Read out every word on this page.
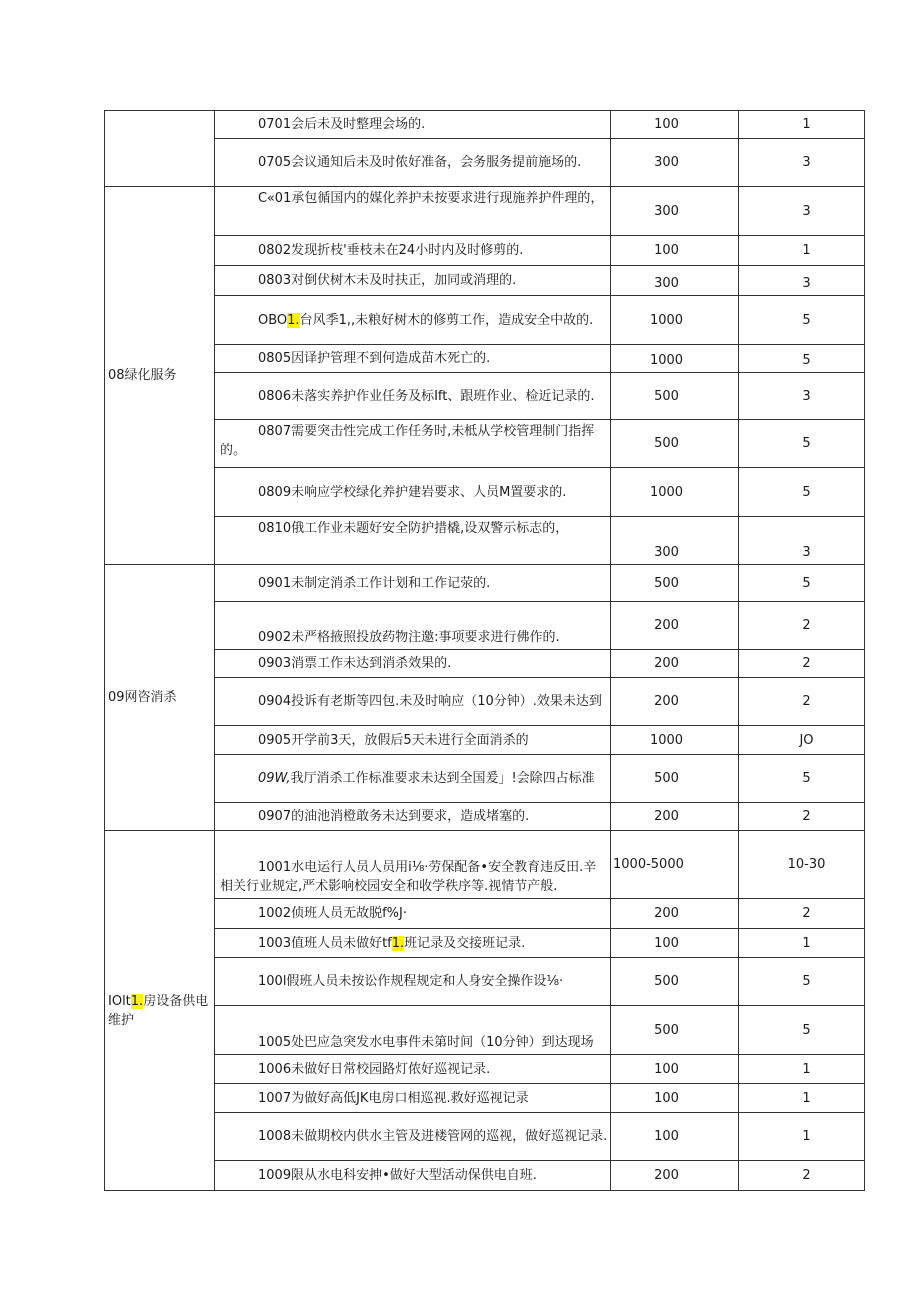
	0701会后未及时整理会场的.	100	1

	0705会议通知后未及时侬好准备，会务服务提前施场的.	300	3
08绿化服务	C«01承包循国内的媒化养护未按要求进行现施养护件理的，	300	3

	0802发现折枝'垂枝未在24小时内及时修剪的.	100	1

	0803对倒伏树木未及时扶正，加同或消理的.	300	3

	OBO1.台风季1,,未粮好树木的修剪工作，造成安全中故的.	1000	5

	0805因译护管理不到何造成苗木死亡的.	1000	5

	0806未落实养护作业任务及标Ift、跟班作业、检近记录的.	500	3

	0807需要突击性完成工作任务时,未柢从学校管理制门指挥的。	500	5

	0809未响应学校绿化养护建岩要求、人员M置要求的.	1000	5

	0810俄工作业未题好安全防护措橇,设双警示标志的，	300	3
09网咨消杀	0901未制定消杀工作计划和工作记荥的.	500	5

	0902未严格掖照投放药物注邀:事项要求进行佛作的.	200	2

	0903消票工作未达到消杀效果的.	200	2

	0904投诉有老斯等四包.未及时响应（10分钟）.效果未达到	200	2

	0905开学前3天，放假后5天未进行全面消杀的	1000	JO

	09W,我厅消杀工作标准要求未达到全国爰」!会除四占标准	500	5

	0907的油池消橙敢务未达到要求，造成堵塞的.	200	2
IOlt1.房设备供电维护	1001水电运行人员人员用i⅛·劳保配备•安全教育违反田.辛相关行业规定,严术影响校园安全和收学秩序等.视情节产般.	1000-5000	10-30

	1002侦班人员无故脱f%J·	200	2

	1003值班人员未做好tf1.班记录及交接班记录.	100	1

	100l假班人员未按讼作规程规定和人身安全操作设⅛·	500	5

	1005处巴应急突发水电事件未第时间（10分钟）到达现场	500	5

	1006未做好日常校园路灯侬好巡视记录.	100	1

	1007为做好高低JK电房口相巡视.救好巡视记录	100	1

	1008未做期校内供水主管及进楼管网的巡视，做好巡视记录.	100	1

	1009限从水电科安抻•做好大型活动保供电自班.	200	2
